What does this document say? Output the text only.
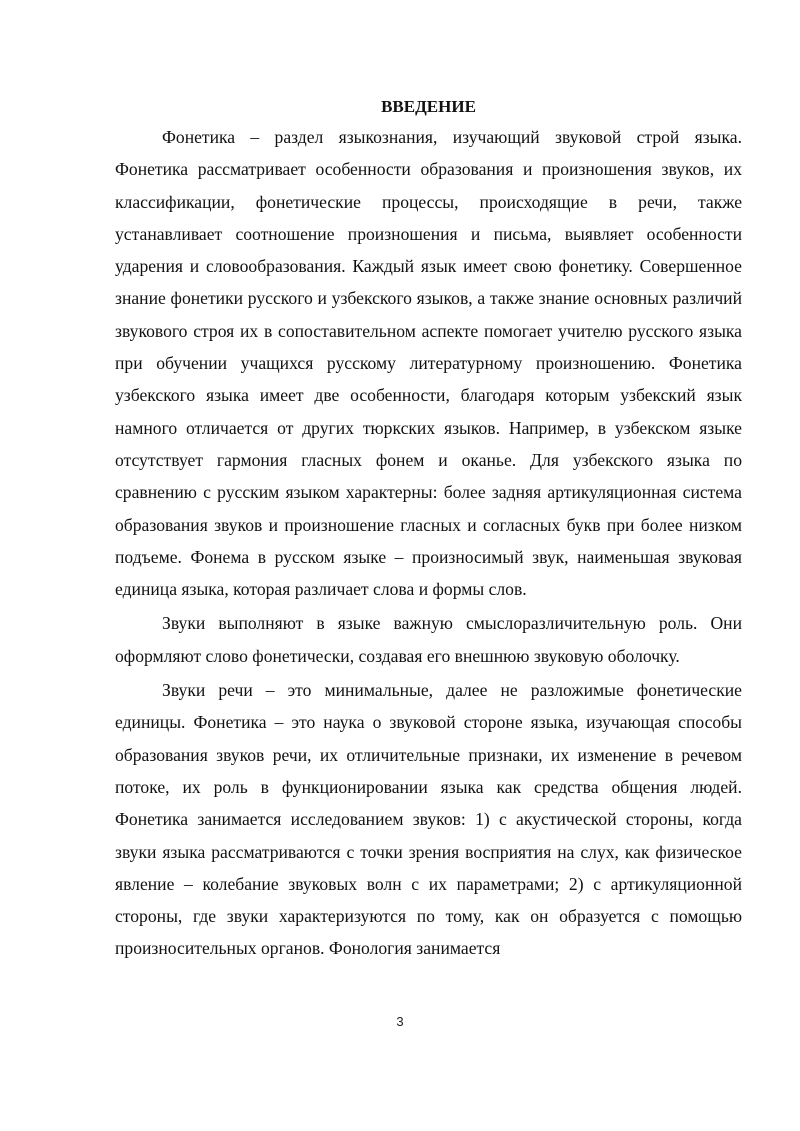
ВВЕДЕНИЕ

Фонетика – раздел языкознания, изучающий звуковой строй языка. Фонетика рассматривает особенности образования и произношения звуков, их классификации, фонетические процессы, происходящие в речи, также устанавливает соотношение произношения и письма, выявляет особенности ударения и словообразования. Каждый язык имеет свою фонетику. Совершенное знание фонетики русского и узбекского языков, а также знание основных различий звукового строя их в сопоставительном аспекте помогает учителю русского языка при обучении учащихся русскому литературному произношению. Фонетика узбекского языка имеет две особенности, благодаря которым узбекский язык намного отличается от других тюркских языков. Например, в узбекском языке отсутствует гармония гласных фонем и оканье. Для узбекского языка по сравнению с русским языком характерны: более задняя артикуляционная система образования звуков и произношение гласных и согласных букв при более низком подъеме. Фонема в русском языке – произносимый звук, наименьшая звуковая единица языка, которая различает слова и формы слов.

Звуки выполняют в языке важную смыслоразличительную роль. Они оформляют слово фонетически, создавая его внешнюю звуковую оболочку.

Звуки речи – это минимальные, далее не разложимые фонетические единицы. Фонетика – это наука о звуковой стороне языка, изучающая способы образования звуков речи, их отличительные признаки, их изменение в речевом потоке, их роль в функционировании языка как средства общения людей. Фонетика занимается исследованием звуков: 1) с акустической стороны, когда звуки языка рассматриваются с точки зрения восприятия на слух, как физическое явление – колебание звуковых волн с их параметрами; 2) с артикуляционной стороны, где звуки характеризуются по тому, как он образуется с помощью произносительных органов. Фонология занимается

3
